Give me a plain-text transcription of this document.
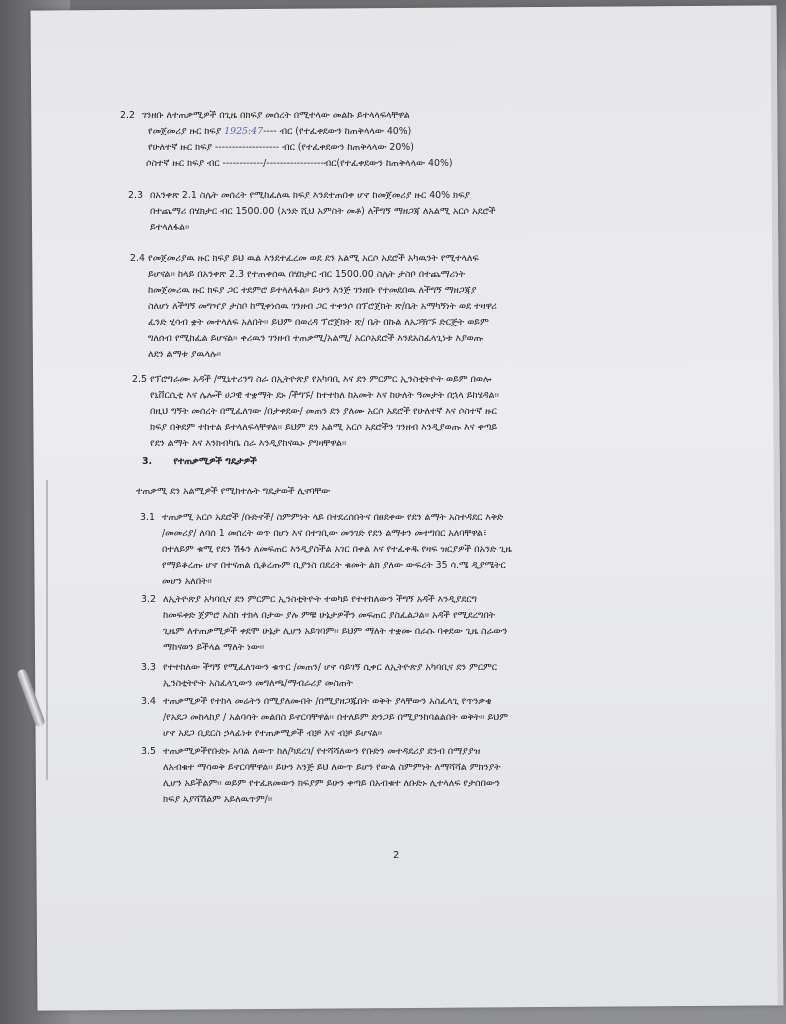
2.2 ገንዘቡ ለተጠቃሚዎች በጊዜ በክፍያ መሰረት በሚተላው መልኩ ይተላላፍላቸዋል
የመጀመሪያ ዙር ክፍያ 1925:47---- ብር (የተፈቀደውን ከጠቅላላው 40%)
የሁለተኛ ዙር ክፍያ ------------------- ብር (የተፈቀደውን ከጠቅላላው 20%)
ሶስተኛ ዙር ክፍያ ብር ------------/-----------------ብር(የተፈቀደውን ከጠቅላላው 40%)
2.3 በአንቀጽ 2.1 ስሌት መሰረት የሚከፈለዉ ክፍያ እንደተጠበቀ ሆኖ ከመጀመሪያ ዙር 40% ክፍያ
በተጨማሪ በሄክታር ብር 1500.00 (አንድ ሺህ አምስት መቶ) ለችግኝ ማዘጋጃ ለአልሚ አርሶ አደሮች
ይተላለፋል፡፡
2.4 የመጀመሪያዉ ዙር ክፍያ ይህ ዉል እንደተፈረመ ወደ ደን አልሚ አርሶ አደሮች አካዉንት የሚተላለፍ
ይሆናል፡፡ ከላይ በአንቀጽ 2.3 የተጠቀሰዉ በሄክታር ብር 1500.00 ስሌት ታስቦ በተጨማሪነት
ከመጀመሪዉ ዙር ክፍያ ጋር ተደምሮ ይተላለፋል፡፡ ይሁን እንጅ ገንዘቡ የተመደበዉ ለችግኝ ማዘጋጃያ
ስለሆነ ለችግኝ መግዣያ ታስቦ ከሚቀነሰዉ ገንዘብ ጋር ተቀንሶ በፕሮጀክት ጽ/ቤት አማካኝነት ወደ ተዛዋሪ
ፈንድ ሂሳብ ቋት መተላለፍ አለበት፡፡ ይህም በወረዳ ፕሮጀክት ጽ/ ቤት በኩል ለአጋዥኙ ድርጅት ወይም
ግለሰብ የሚከፈል ይሆናል፡፡ ቀሪዉን ገንዘብ ተጠቃሚ/አልሚ/ አርሶአደሮች እንደአስፈላጊነቱ እያወጡ
ለደን ልማቱ ያዉላሉ፡፡
2.5 የፕሮግራሙ አዳች /ሚኒተሪንግ ስራ በኢትዮጵያ የአካባቢ እና ደን ምርምር ኢንስቲትዮት ወይም በወሎ
የኒቨርሲቲ እና ሌሎች ሀጋዊ ተቋማት ደኑ /ችግኙ/ ከተተከለ ከአመት እና ከሁለት ዓመታት በኋላ ይከሄዳል፡፡
በዚህ ግኝት መሰረት በሚፈለገው /በታቀደው/ መጠን ደን ያለሙ አርሶ አደሮች የሁለተኛ እና ሶስተኛ ዙር
ክፍያ በቅደም ተከተል ይተላለፍላቸዋል፡፡ ይህም ደን አልሚ አርሶ አደሮችን ገንዘብ እንዲያወጡ እና ቀጣይ
የደን ልማት እና እንክብካቤ ስራ እንዲያከናዉኑ ያግዛቸዋል፡፡
3. የተጠቃሚዎች ግዴታዎች
ተጠቃሚ ደን አልሚዎች የሚከተሉት ግዴታወች ሊኖባቸው
3.1 ተጠቃሚ አርሶ አደሮች /ቡድኖች/ ስምምነት ላይ በተደረሰበትና በፀደቀው የደን ልማት አስተዳደር እቅድ
/መመሪያ/ ለባሰ 1 መሰረት ወጥ በሆነ እና በተገቢው መንገድ የደን ልማቱን መተግበር አለባቸዋል፣
በተለይም ቁሚ የደን ሽፋን ለመፍጠር እንዲያስችል አገር በቀል እና የተፈቀዱ የዛፍ ዝርያዎች በአንድ ጊዜ
የማይቆረጡ ሆኖ በተናጠል ሲቆረጡም ቢያንስ በደረት ቁመት ልክ ያለው ውፍረት 35 ሳ.ሜ ዲያሜትር
መሆን አለበት፡፡
3.2 ለኢትዮጵያ አካባቢና ደን ምርምር ኢንስቲትዮት ተወካይ የተተከለውን ችግኝ አዳች እንዲያደርግ
ከመፍቀድ ጀምሮ እስከ ተክላ በታው ያሉ ምቹ ሁኔታዎችን መፍጠር ያስፈልጋል፡፡ አዳች የሚደረግበት
ጊዜም ለተጠቃሚዎች ቀደሞ ሁኔታ ሊሆን አይገባም፡፡ ይህም ማለት ተቋሙ በራሱ ባቀደው ጊዜ ስራውን
ማከናወን ይችላል ማለት ነው፡፡
3.3 የተተከለው ችግኝ የሚፈለገውን ቁጥር /መጠን/ ሆኖ ሳይገኝ ሲቀር ለኢትዮጵያ አካባቢና ደን ምርምር
ኢንስቲትዮት አስፈላጊውን መግለጫ/ማብራሪያ መስጠት
3.4 ተጠቃሚዎች የተከላ መሬትን በሚያለሙበት /በሚያዘጋጁበት ወቅት ያላቸውን አስፈላጊ የጥንቃቄ
/የአደጋ መከላከያ / አልባሳት መልበስ ይኖርባቸዋል፡፡ በተለይም ድንጋይ በሚያንከባልልበት ወቅት፡፡ ይህም
ሆኖ አደጋ ቢደርስ ኃላፊነቱ የተጠቃሚዎች ብቻ እና ብቻ ይሆናል፡፡
3.5 ተጠቃሚዎችየቡድኑ አባል ለውጥ ከለ/ካደረገ/ የተሻሻለውን የቡድን መተዳደሪያ ደንብ በማያያዝ
ለአብቁተ ማሳወቅ ይኖርባቸዋል፡፡ ይሁን እንጅ ይህ ለውጥ ይሆን የውል ስምምነት ለማሻሻል ምክንያት
ሊሆን አይችልም፡፡ ወይም የተፈጸመውን ክፍያም ይሁን ቀጣይ በአብቁተ ለቡድኑ ሊተላለፍ የታሰበውን
ክፍያ አያሻሽልም አይለዉጥም/፡፡
2
